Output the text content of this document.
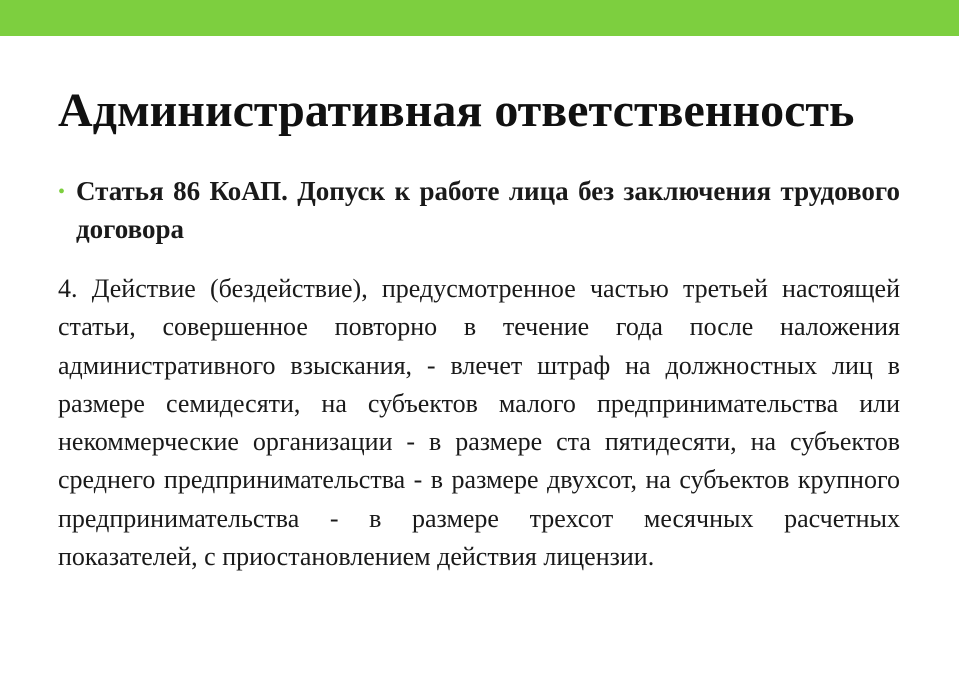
Административная ответственность
• Статья 86 КоАП. Допуск к работе лица без заключения трудового договора

4. Действие (бездействие), предусмотренное частью третьей настоящей статьи, совершенное повторно в течение года после наложения административного взыскания, - влечет штраф на должностных лиц в размере семидесяти, на субъектов малого предпринимательства или некоммерческие организации - в размере ста пятидесяти, на субъектов среднего предпринимательства - в размере двухсот, на субъектов крупного предпринимательства - в размере трехсот месячных расчетных показателей, с приостановлением действия лицензии.
